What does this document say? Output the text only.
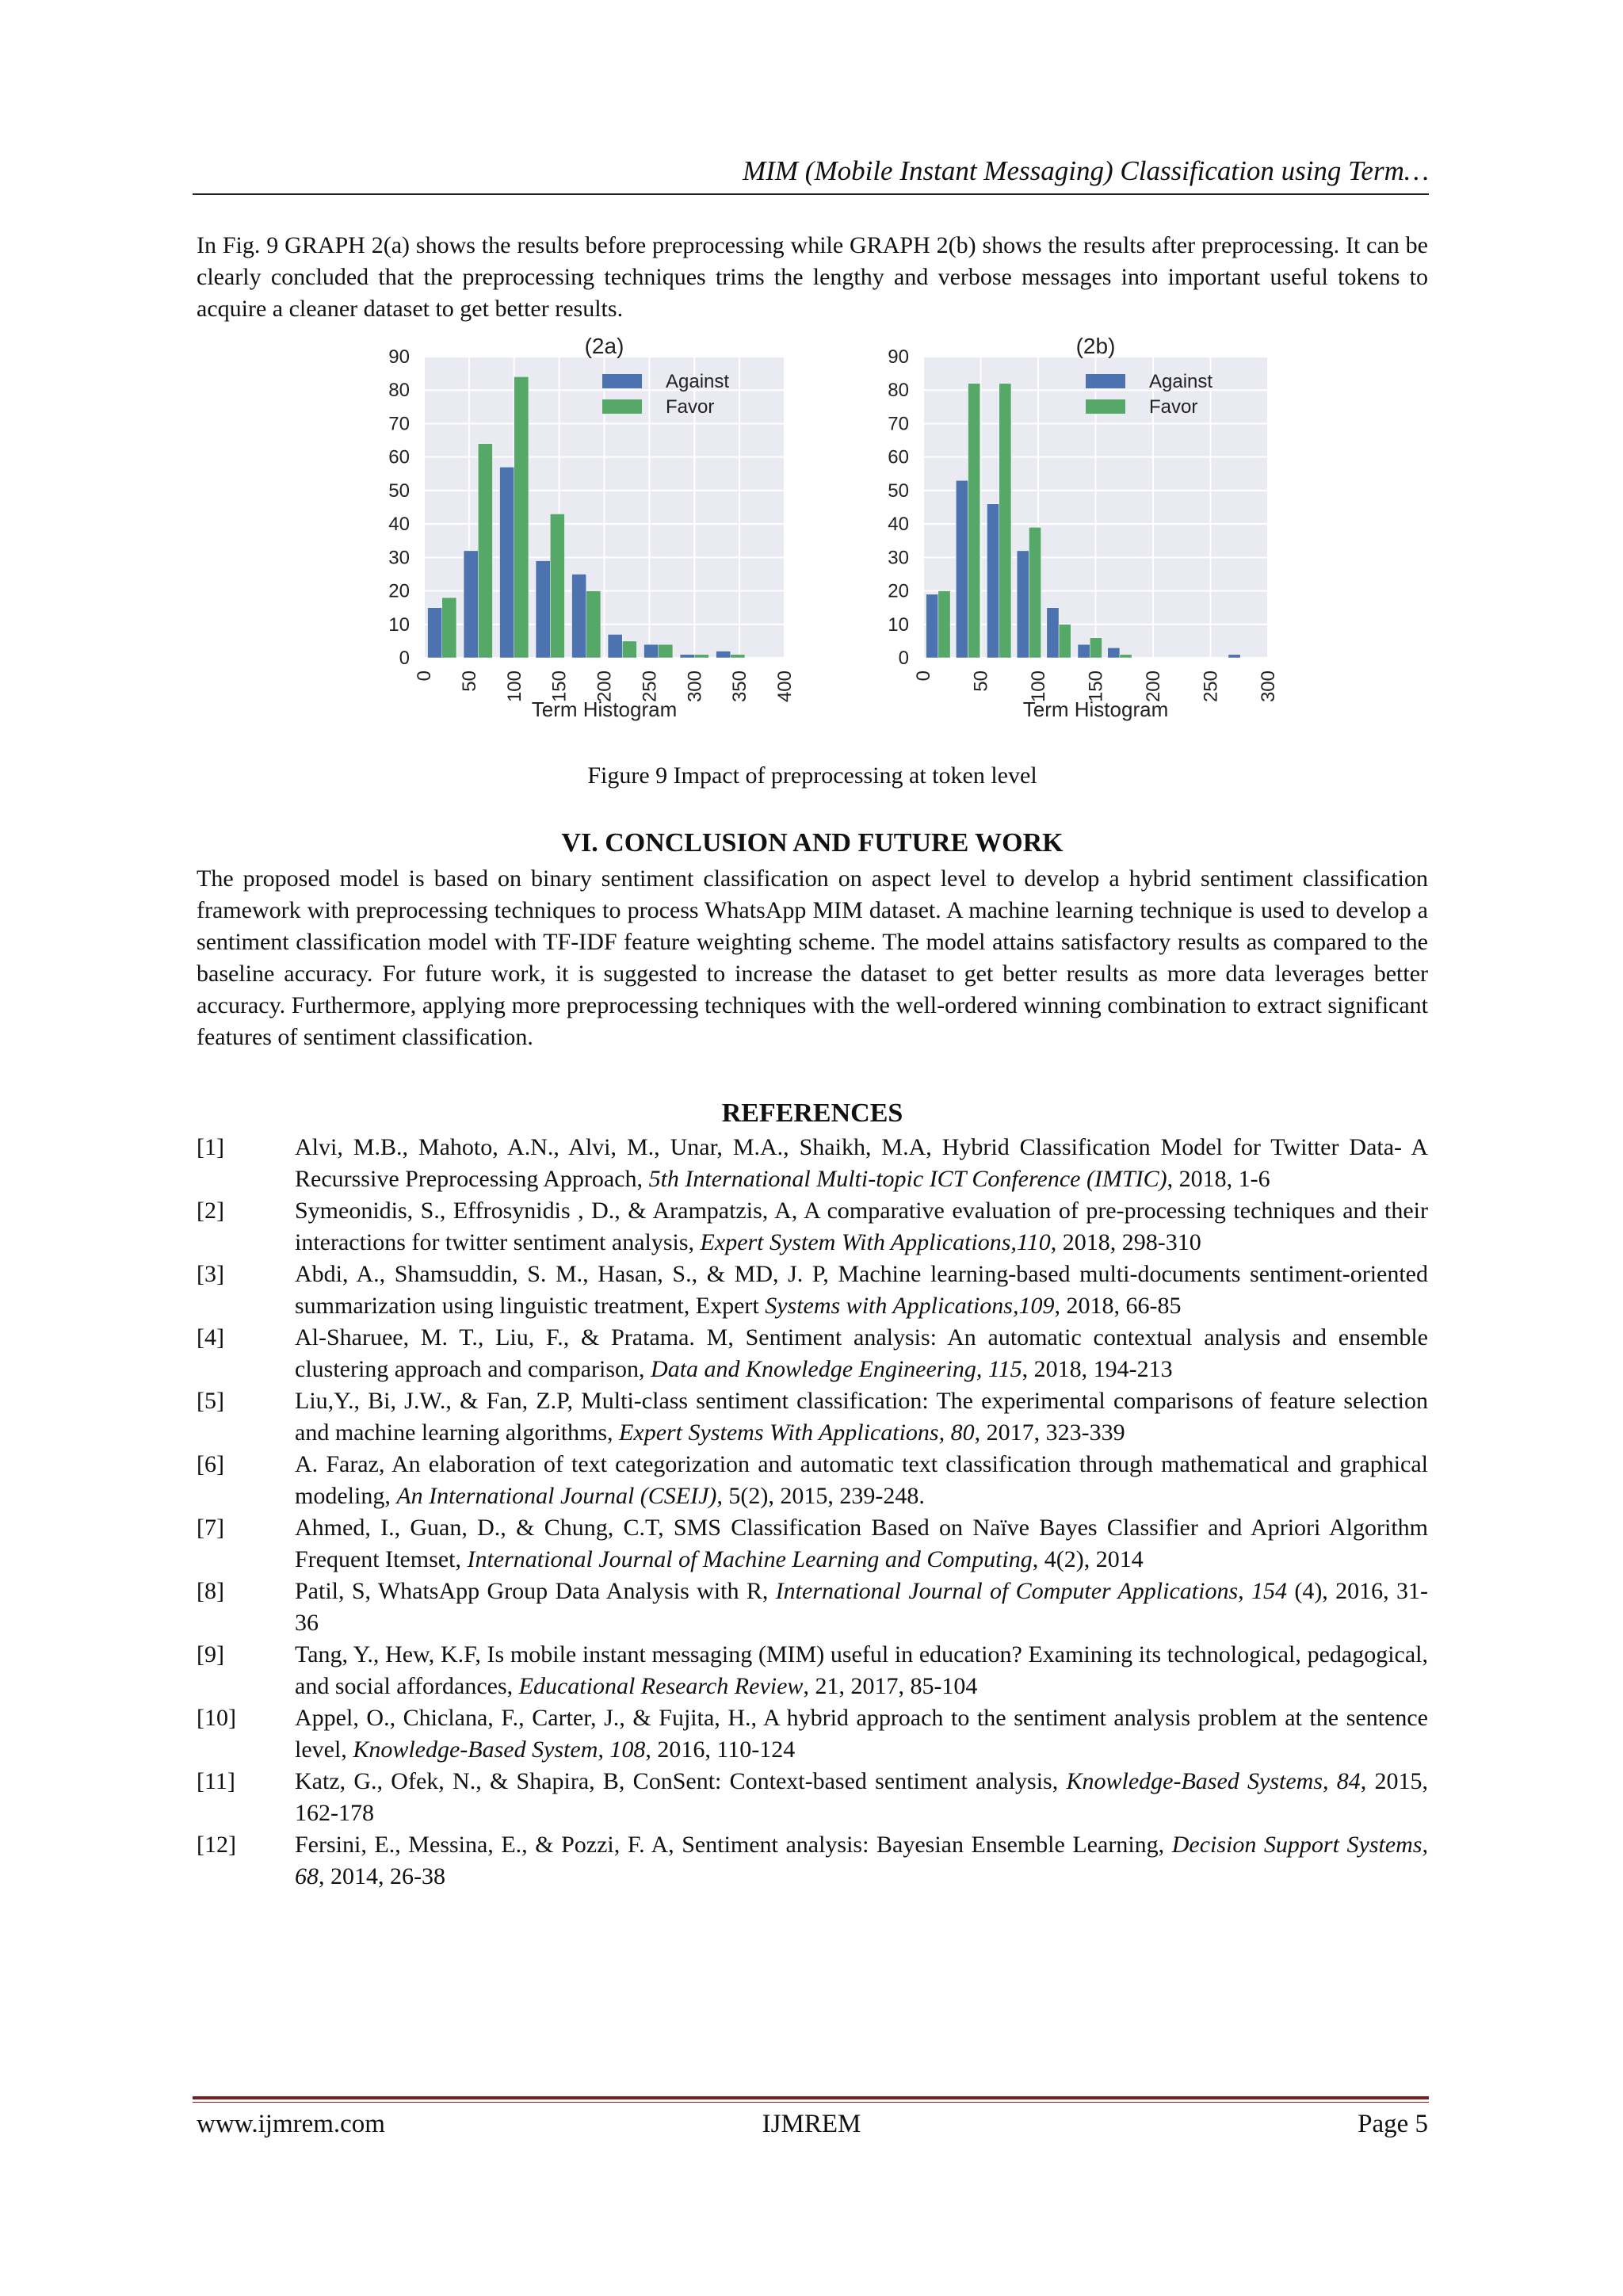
MIM (Mobile Instant Messaging) Classification using Term…
In Fig. 9 GRAPH 2(a) shows the results before preprocessing while GRAPH 2(b) shows the results after preprocessing. It can be clearly concluded that the preprocessing techniques trims the lengthy and verbose messages into important useful tokens to acquire a cleaner dataset to get better results.
0
10
20
30
40
50
60
70
80
90
0 50 100 150 200 250 300 350 400
(2a)
Term Histogram
Against
Favor
0
10
20
30
40
50
60
70
80
90
0 50 100 150 200 250 300
(2b)
Term Histogram
Against
Favor
Figure 9 Impact of preprocessing at token level
VI. CONCLUSION AND FUTURE WORK
The proposed model is based on binary sentiment classification on aspect level to develop a hybrid sentiment classification framework with preprocessing techniques to process WhatsApp MIM dataset. A machine learning technique is used to develop a sentiment classification model with TF-IDF feature weighting scheme. The model attains satisfactory results as compared to the baseline accuracy. For future work, it is suggested to increase the dataset to get better results as more data leverages better accuracy. Furthermore, applying more preprocessing techniques with the well-ordered winning combination to extract significant features of sentiment classification.
REFERENCES
[1]	Alvi, M.B., Mahoto, A.N., Alvi, M., Unar, M.A., Shaikh, M.A, Hybrid Classification Model for Twitter Data- A Recurssive Preprocessing Approach, 5th International Multi-topic ICT Conference (IMTIC), 2018, 1-6
[2]	Symeonidis, S., Effrosynidis , D., & Arampatzis, A, A comparative evaluation of pre-processing techniques and their interactions for twitter sentiment analysis, Expert System With Applications,110, 2018, 298-310
[3]	Abdi, A., Shamsuddin, S. M., Hasan, S., & MD, J. P, Machine learning-based multi-documents sentiment-oriented summarization using linguistic treatment, Expert Systems with Applications,109, 2018, 66-85
[4]	Al-Sharuee, M. T., Liu, F., & Pratama. M, Sentiment analysis: An automatic contextual analysis and ensemble clustering approach and comparison, Data and Knowledge Engineering, 115, 2018, 194-213
[5]	Liu,Y., Bi, J.W., & Fan, Z.P, Multi-class sentiment classification: The experimental comparisons of feature selection and machine learning algorithms, Expert Systems With Applications, 80, 2017, 323-339
[6]	A. Faraz, An elaboration of text categorization and automatic text classification through mathematical and graphical modeling, An International Journal (CSEIJ), 5(2), 2015, 239-248.
[7]	Ahmed, I., Guan, D., & Chung, C.T, SMS Classification Based on Naïve Bayes Classifier and Apriori Algorithm Frequent Itemset, International Journal of Machine Learning and Computing, 4(2), 2014
[8]	Patil, S, WhatsApp Group Data Analysis with R, International Journal of Computer Applications, 154 (4), 2016, 31-36
[9]	Tang, Y., Hew, K.F, Is mobile instant messaging (MIM) useful in education? Examining its technological, pedagogical, and social affordances, Educational Research Review, 21, 2017, 85-104
[10]	Appel, O., Chiclana, F., Carter, J., & Fujita, H., A hybrid approach to the sentiment analysis problem at the sentence level, Knowledge-Based System, 108, 2016, 110-124
[11]	Katz, G., Ofek, N., & Shapira, B, ConSent: Context-based sentiment analysis, Knowledge-Based Systems, 84, 2015, 162-178
[12]	Fersini, E., Messina, E., & Pozzi, F. A, Sentiment analysis: Bayesian Ensemble Learning, Decision Support Systems, 68, 2014, 26-38
www.ijmrem.com	IJMREM	Page 5
